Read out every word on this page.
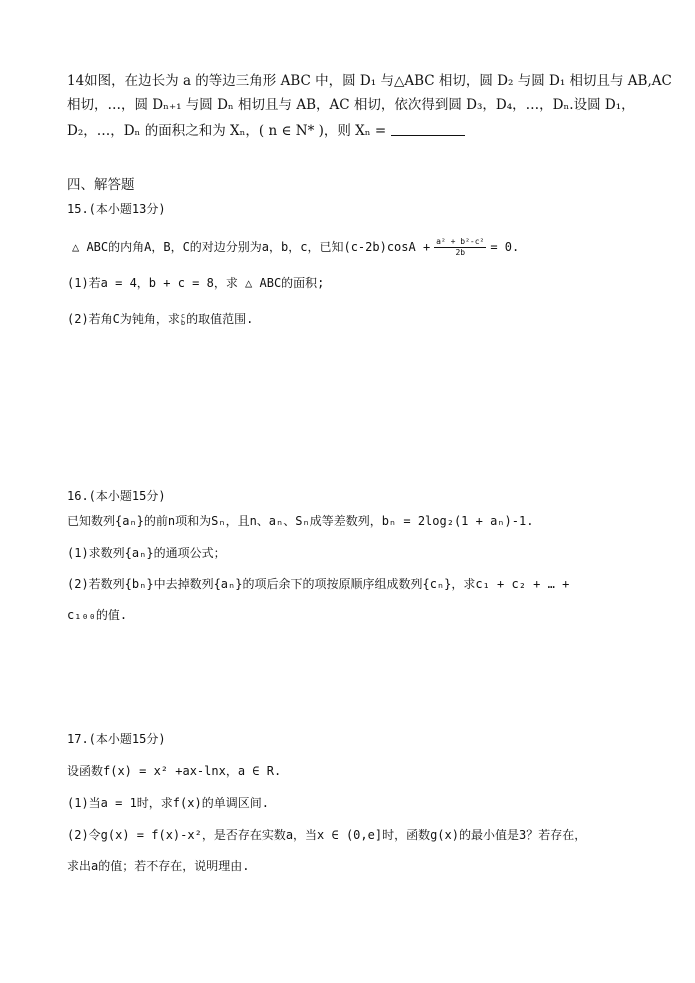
14如图，在边长为 a 的等边三角形 ABC 中，圆 D₁ 与△ABC 相切，圆 D₂ 与圆 D₁ 相切且与 AB,AC
相切，…，圆 Dₙ₊₁ 与圆 Dₙ 相切且与 AB，AC 相切，依次得到圆 D₃，D₄，…，Dₙ.设圆 D₁，
D₂，…，Dₙ 的面积之和为 Xₙ，( n ∈ N* )，则 Xₙ =
四、解答题
15.(本小题13分)
△ ABC的内角A，B，C的对边分别为a，b，c，已知$(c-2b)\cos A + \frac{\text{a² + b²-c²}}{2b} = 0$.
(1)若a = 4，b + c = 8，求 △ ABC的面积;
(2)若角C为钝角，求 c
b 的取值范围.
16.(本小题15分)
已知数列{aₙ}的前n项和为Sₙ，且n、aₙ、Sₙ成等差数列，bₙ = 2log₂(1 + aₙ)-1.
(1)求数列{aₙ}的通项公式；
(2)若数列{bₙ}中去掉数列{aₙ}的项后余下的项按原顺序组成数列{cₙ}，求c₁ + c₂ + … +
c₁₀₀的值.
17.(本小题15分)
设函数f(x) = x² +ax-lnx，a ∈ R.
(1)当a = 1时，求f(x)的单调区间.
(2)令g(x) = f(x)-x²，是否存在实数a，当x ∈ (0,e]时，函数g(x)的最小值是3？若存在，
求出a的值；若不存在，说明理由.
